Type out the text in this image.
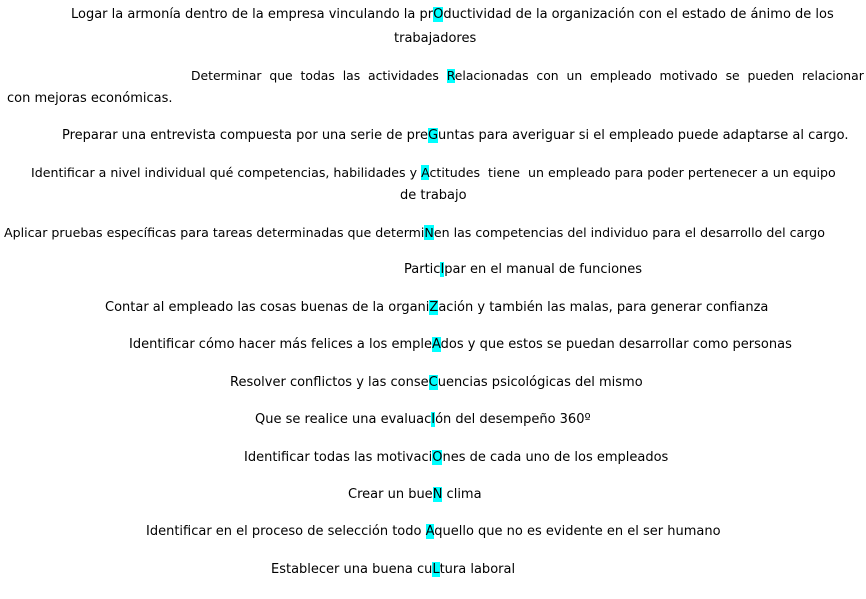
Logar la armonía dentro de la empresa vinculando la prOductividad de la organización con el estado de ánimo de los
trabajadores
Determinar  que  todas  las  actividades  Relacionadas  con  un  empleado  motivado  se  pueden  relacionar
con mejoras económicas.
Preparar una entrevista compuesta por una serie de preGuntas para averiguar si el empleado puede adaptarse al cargo.
Identificar a nivel individual qué competencias, habilidades y Actitudes  tiene  un empleado para poder pertenecer a un equipo
de trabajo
Aplicar pruebas específicas para tareas determinadas que determiNen las competencias del individuo para el desarrollo del cargo
ParticIpar en el manual de funciones
Contar al empleado las cosas buenas de la organiZación y también las malas, para generar confianza
Identificar cómo hacer más felices a los empleAdos y que estos se puedan desarrollar como personas
Resolver conflictos y las conseCuencias psicológicas del mismo
Que se realice una evaluacIón del desempeño 360º
Identificar todas las motivaciOnes de cada uno de los empleados
Crear un bueN clima
Identificar en el proceso de selección todo Aquello que no es evidente en el ser humano
Establecer una buena cuLtura laboral
